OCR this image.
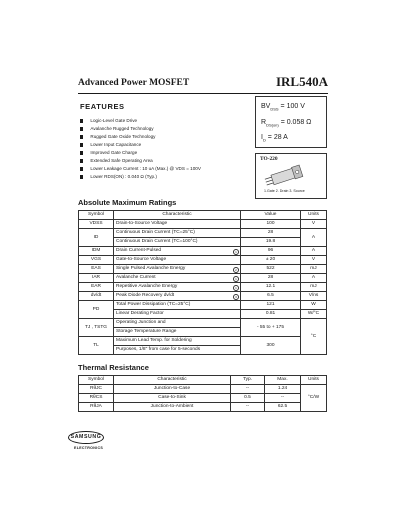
Advanced Power MOSFET	IRL540A
FEATURES
Logic-Level Gate Drive
Avalanche Rugged Technology
Rugged Gate Oxide Technology
Lower Input Capacitance
Improved Gate Charge
Extended Safe Operating Area
Lower Leakage Current : 10 uA (Max.) @ VDS = 100V
Lower RDS(ON) : 0.040 Ω (Typ.)
$BV_{DSS} = 100$ V
$R_{DS(on)} = 0.058$ Ω
$I_D = 28$ A
TO-220
1.Gate 2. Drain 3. Source
Absolute Maximum Ratings
Symbol	Characteristic	Value	Units
VDSS	Drain-to-Source Voltage	100	V
ID	Continuous Drain Current (TC=25°C)	28	A
	Continuous Drain Current (TC=100°C)	19.8	
IDM	Drain Current-Pulsed 1	96	A
VGS	Gate-to-Source Voltage	± 20	V
EAS	Single Pulsed Avalanche Energy 2	522	mJ
IAR	Avalanche Current 1	28	A
EAR	Repetitive Avalanche Energy 1	12.1	mJ
dv/dt	Peak Diode Recovery dv/dt 3	6.5	V/ns
PD	Total Power Dissipation (TC=25°C)	121	W
	Linear Derating Factor	0.81	W/°C
TJ , TSTG	Operating Junction and	- 55 to + 175	°C
	Storage Temperature Range		
TL	Maximum Lead Temp. for Soldering	300	
	Purposes, 1/8" from case for 5-seconds		
Thermal Resistance
Symbol	Characteristic	Typ.	Max.	Units
RθJC	Junction-to-Case	--	1.24	°C/W
RθCS	Case-to-Sink	0.5	--	
RθJA	Junction-to-Ambient	--	62.5	
SAMSUNG
ELECTRONICS
